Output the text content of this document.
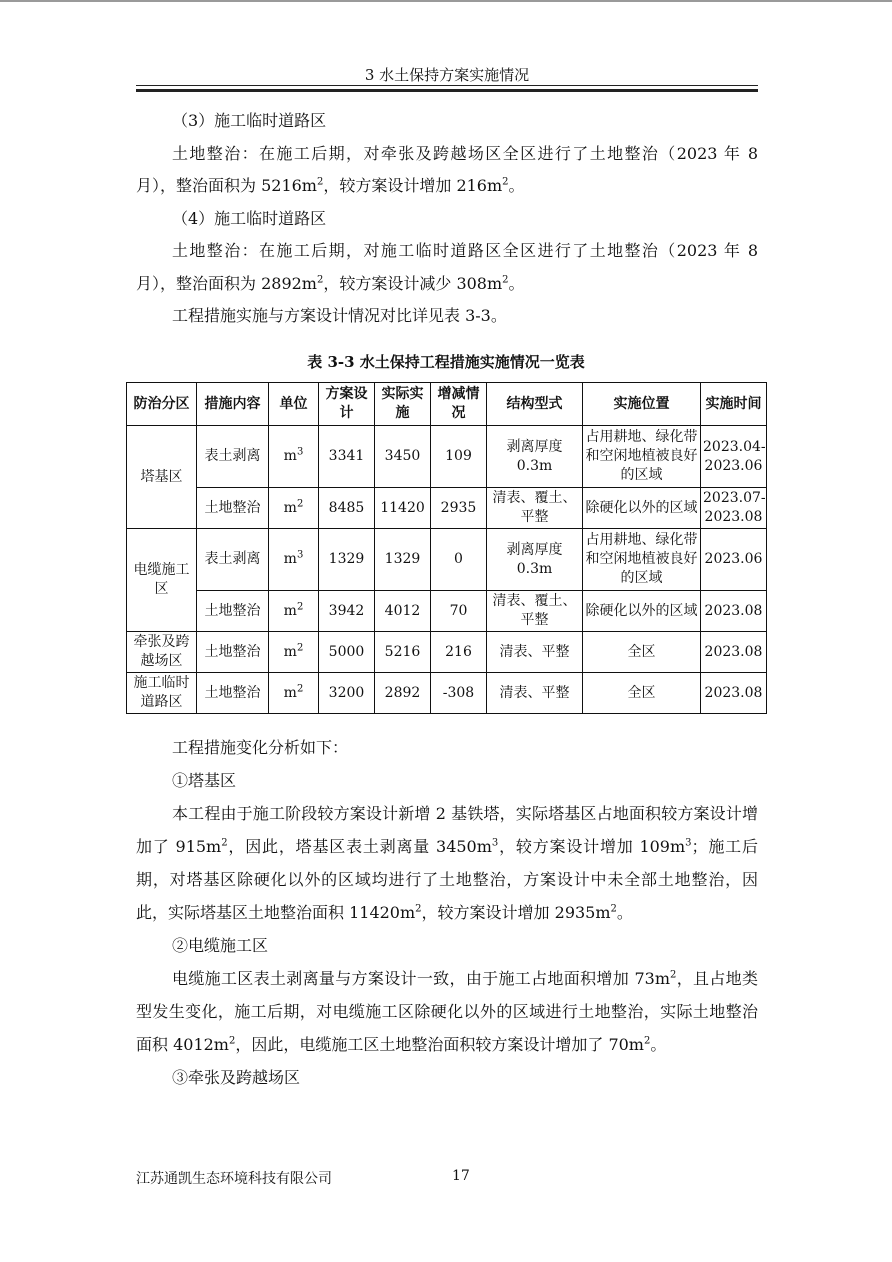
3 水土保持方案实施情况

（3）施工临时道路区

土地整治：在施工后期，对牵张及跨越场区全区进行了土地整治（2023 年 8 月），整治面积为 $5216m^2$，较方案设计增加 $216m^2$。

（4）施工临时道路区

土地整治：在施工后期，对施工临时道路区全区进行了土地整治（2023 年 8 月），整治面积为 $2892m^2$，较方案设计减少 $308m^2$。

工程措施实施与方案设计情况对比详见表 3-3。

表 3-3 水土保持工程措施实施情况一览表
防治分区	措施内容	单位	方案设计	实际实施	增减情况	结构型式	实施位置	实施时间
塔基区	表土剥离	$m^3$	3341	3450	109	剥离厚度0.3m	占用耕地、绿化带和空闲地植被良好的区域	2023.04-2023.06
	土地整治	$m^2$	8485	11420	2935	清表、覆土、平整	除硬化以外的区域	2023.07-2023.08
电缆施工区	表土剥离	$m^3$	1329	1329	0	剥离厚度0.3m	占用耕地、绿化带和空闲地植被良好的区域	2023.06
	土地整治	$m^2$	3942	4012	70	清表、覆土、平整	除硬化以外的区域	2023.08
牵张及跨越场区	土地整治	$m^2$	5000	5216	216	清表、平整	全区	2023.08
施工临时道路区	土地整治	$m^2$	3200	2892	-308	清表、平整	全区	2023.08

工程措施变化分析如下：

①塔基区

本工程由于施工阶段较方案设计新增 2 基铁塔，实际塔基区占地面积较方案设计增加了 $915m^2$，因此，塔基区表土剥离量 $3450m^3$，较方案设计增加 $109m^3$；施工后期，对塔基区除硬化以外的区域均进行了土地整治，方案设计中未全部土地整治，因此，实际塔基区土地整治面积 $11420m^2$，较方案设计增加 $2935m^2$。

②电缆施工区

电缆施工区表土剥离量与方案设计一致，由于施工占地面积增加 $73m^2$，且占地类型发生变化，施工后期，对电缆施工区除硬化以外的区域进行土地整治，实际土地整治面积 $4012m^2$，因此，电缆施工区土地整治面积较方案设计增加了 $70m^2$。

③牵张及跨越场区

江苏通凯生态环境科技有限公司	17
